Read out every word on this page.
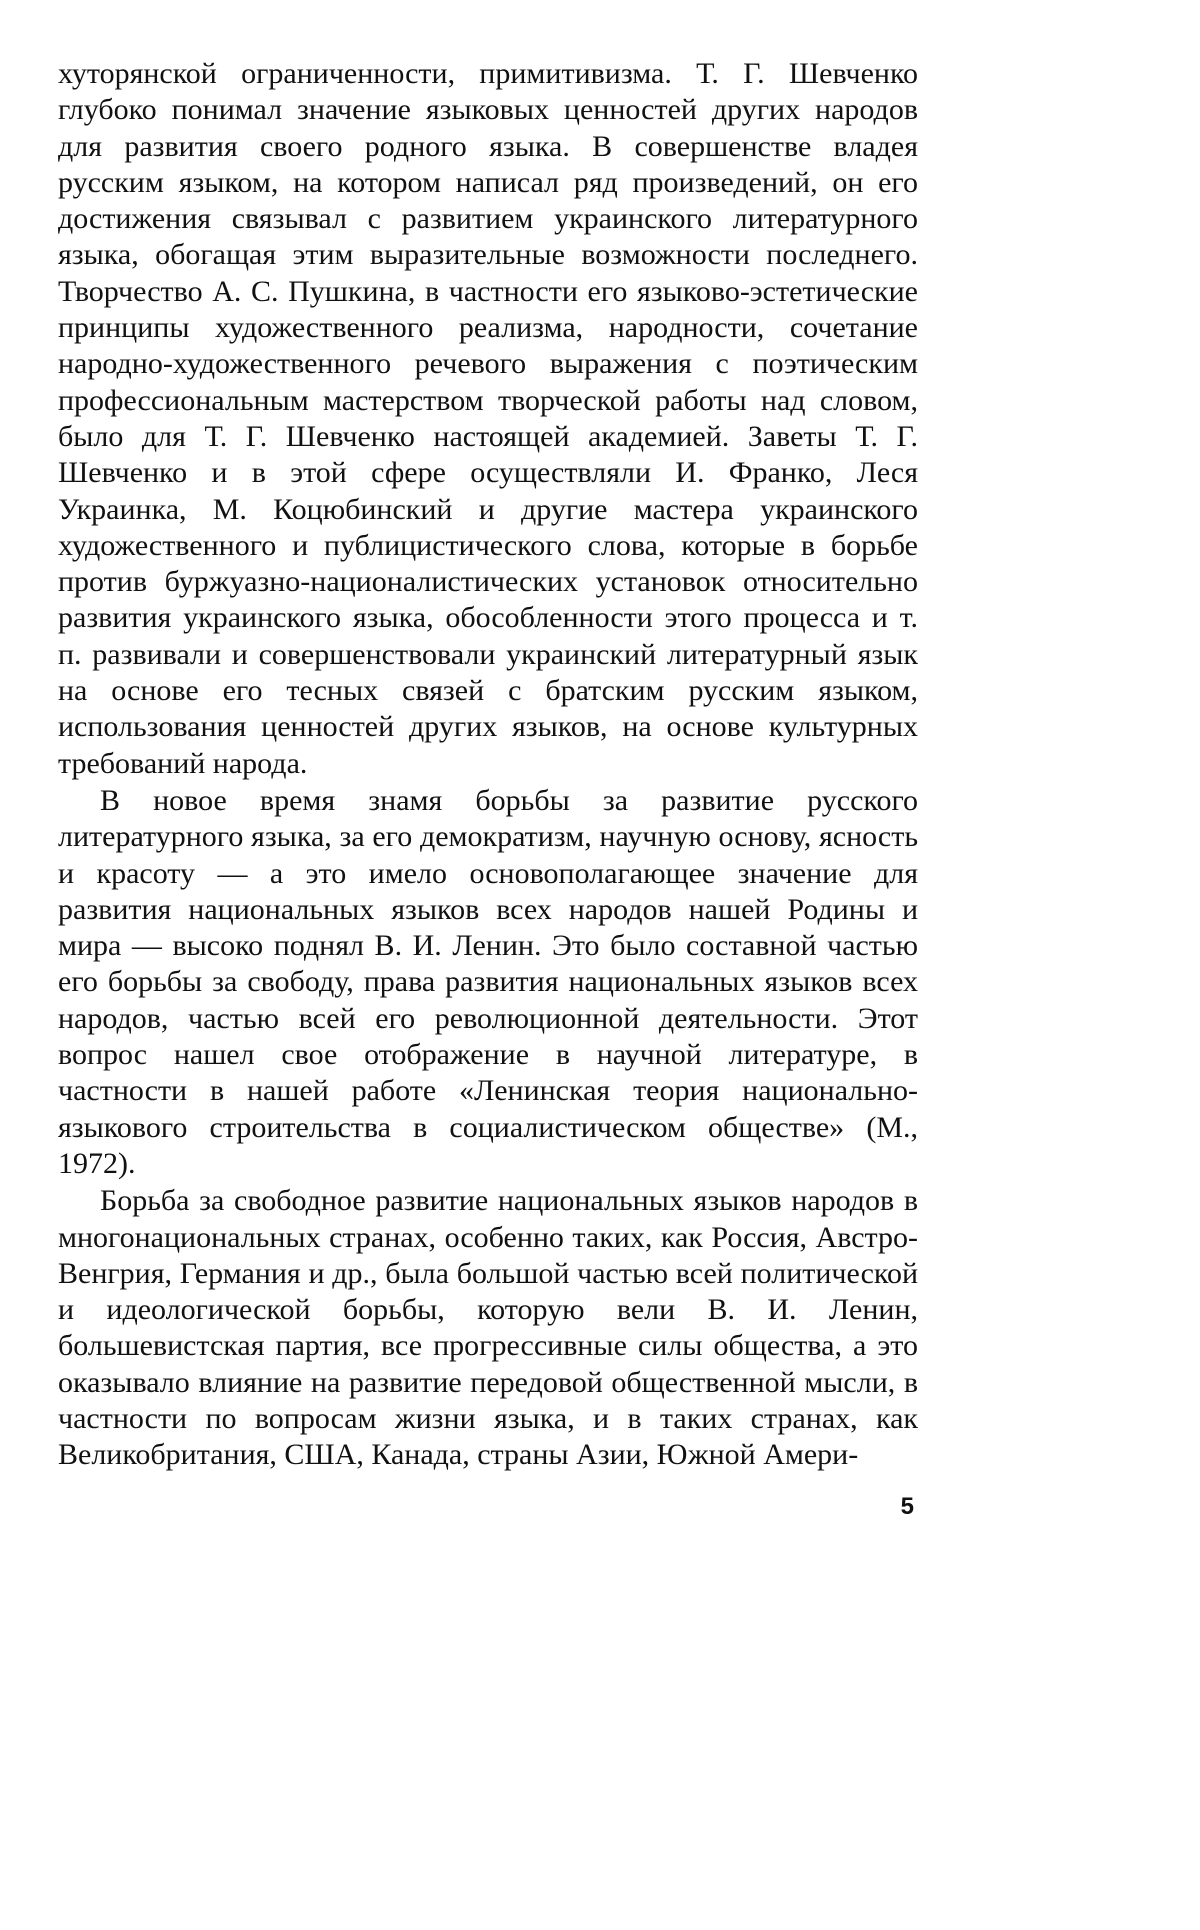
хуторянской ограниченности, примитивизма. Т. Г. Шевченко глубоко понимал значение языковых ценностей других народов для развития своего родного языка. В совершенстве владея русским языком, на котором написал ряд произведений, он его достижения связывал с развитием украинского литературного языка, обогащая этим выразительные возможности последнего. Творчество А. С. Пушкина, в частности его языково-эстетические принципы художественного реализма, народности, сочетание народно-художественного речевого выражения с поэтическим профессиональным мастерством творческой работы над словом, было для Т. Г. Шевченко настоящей академией. Заветы Т. Г. Шевченко и в этой сфере осуществляли И. Франко, Леся Украинка, М. Коцюбинский и другие мастера украинского художественного и публицистического слова, которые в борьбе против буржуазно-националистических установок относительно развития украинского языка, обособленности этого процесса и т. п. развивали и совершенствовали украинский литературный язык на основе его тесных связей с братским русским языком, использования ценностей других языков, на основе культурных требований народа.

В новое время знамя борьбы за развитие русского литературного языка, за его демократизм, научную основу, ясность и красоту — а это имело основополагающее значение для развития национальных языков всех народов нашей Родины и мира — высоко поднял В. И. Ленин. Это было составной частью его борьбы за свободу, права развития национальных языков всех народов, частью всей его революционной деятельности. Этот вопрос нашел свое отображение в научной литературе, в частности в нашей работе «Ленинская теория национально-языкового строительства в социалистическом обществе» (М., 1972).

Борьба за свободное развитие национальных языков народов в многонациональных странах, особенно таких, как Россия, Австро-Венгрия, Германия и др., была большой частью всей политической и идеологической борьбы, которую вели В. И. Ленин, большевистская партия, все прогрессивные силы общества, а это оказывало влияние на развитие передовой общественной мысли, в частности по вопросам жизни языка, и в таких странах, как Великобритания, США, Канада, страны Азии, Южной Амери-

5
